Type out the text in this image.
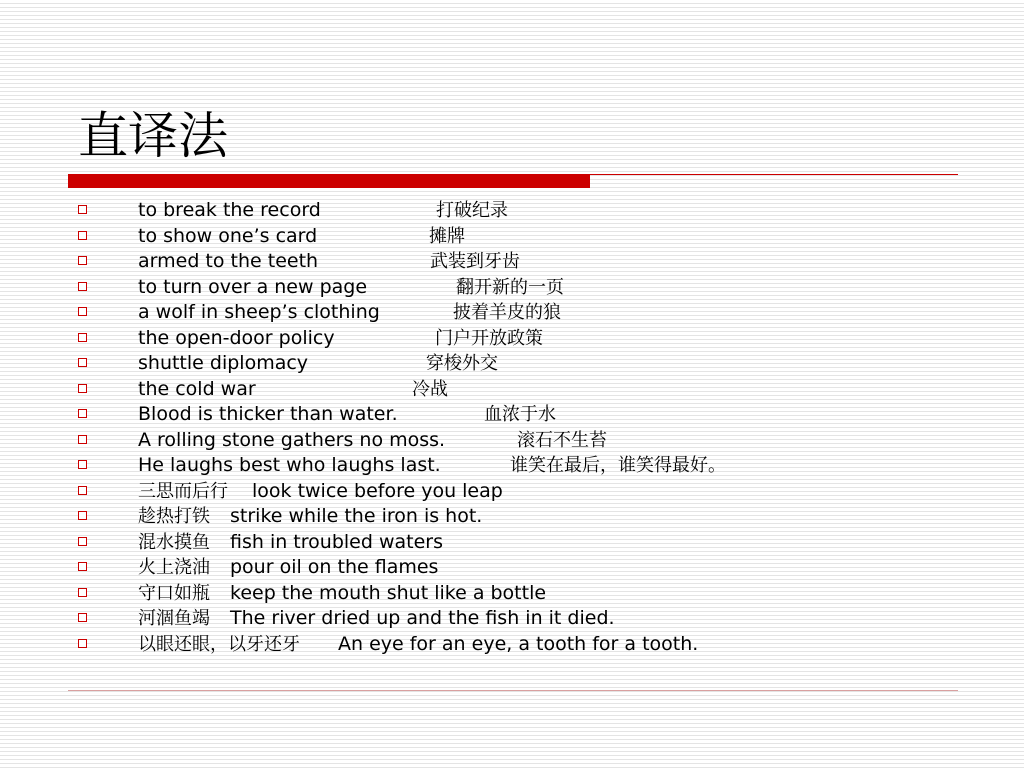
直译法
to break the record	打破纪录
to show one’s card	摊牌
armed to the teeth	武装到牙齿
to turn over a new page	翻开新的一页
a wolf in sheep’s clothing	披着羊皮的狼
the open-door policy	门户开放政策
shuttle diplomacy	穿梭外交
the cold war	冷战
Blood is thicker than water.	血浓于水
A rolling stone gathers no moss.	滚石不生苔
He laughs best who laughs last.	谁笑在最后，谁笑得最好。
三思而后行 look twice before you leap
趁热打铁 strike while the iron is hot.
混水摸鱼 fish in troubled waters
火上浇油 pour oil on the flames
守口如瓶 keep the mouth shut like a bottle
河涸鱼竭 The river dried up and the fish in it died.
以眼还眼，以牙还牙 An eye for an eye, a tooth for a tooth.
